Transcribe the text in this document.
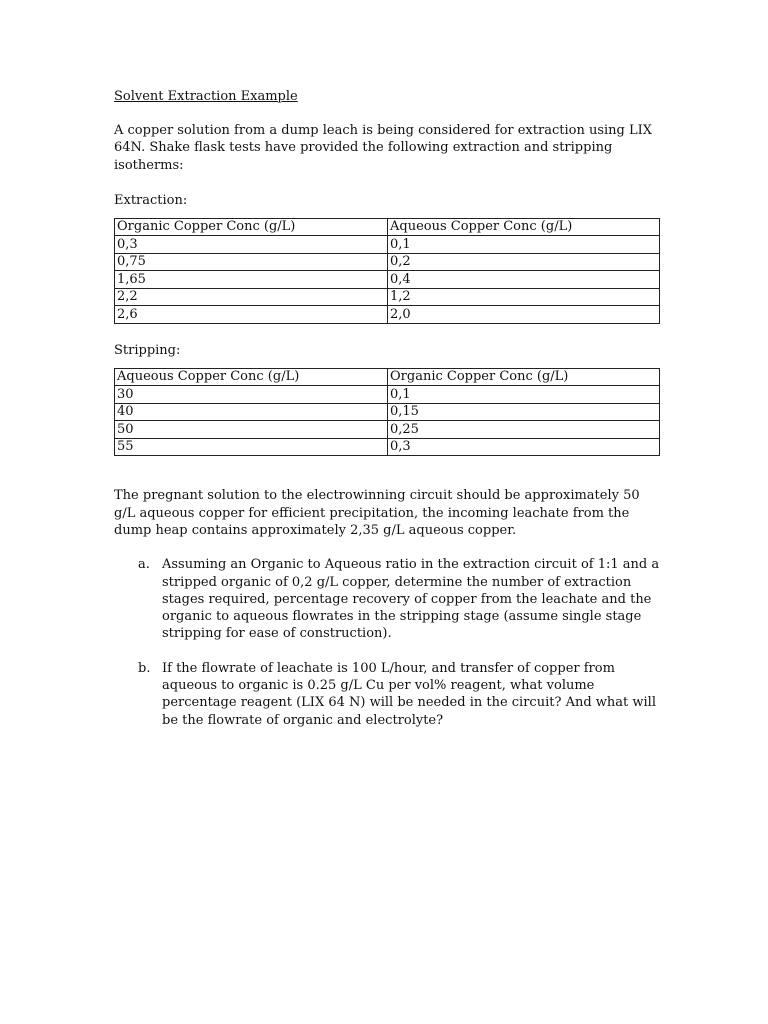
Solvent Extraction Example

A copper solution from a dump leach is being considered for extraction using LIX 64N. Shake flask tests have provided the following extraction and stripping isotherms:

Extraction:

Organic Copper Conc (g/L)	Aqueous Copper Conc (g/L)
0,3	0,1
0,75	0,2
1,65	0,4
2,2	1,2
2,6	2,0

Stripping:

Aqueous Copper Conc (g/L)	Organic Copper Conc (g/L)
30	0,1
40	0,15
50	0,25
55	0,3

The pregnant solution to the electrowinning circuit should be approximately 50 g/L aqueous copper for efficient precipitation, the incoming leachate from the dump heap contains approximately 2,35 g/L aqueous copper.

a. Assuming an Organic to Aqueous ratio in the extraction circuit of 1:1 and a stripped organic of 0,2 g/L copper, determine the number of extraction stages required, percentage recovery of copper from the leachate and the organic to aqueous flowrates in the stripping stage (assume single stage stripping for ease of construction).
b. If the flowrate of leachate is 100 L/hour, and transfer of copper from aqueous to organic is 0.25 g/L Cu per vol% reagent, what volume percentage reagent (LIX 64 N) will be needed in the circuit? And what will be the flowrate of organic and electrolyte?
